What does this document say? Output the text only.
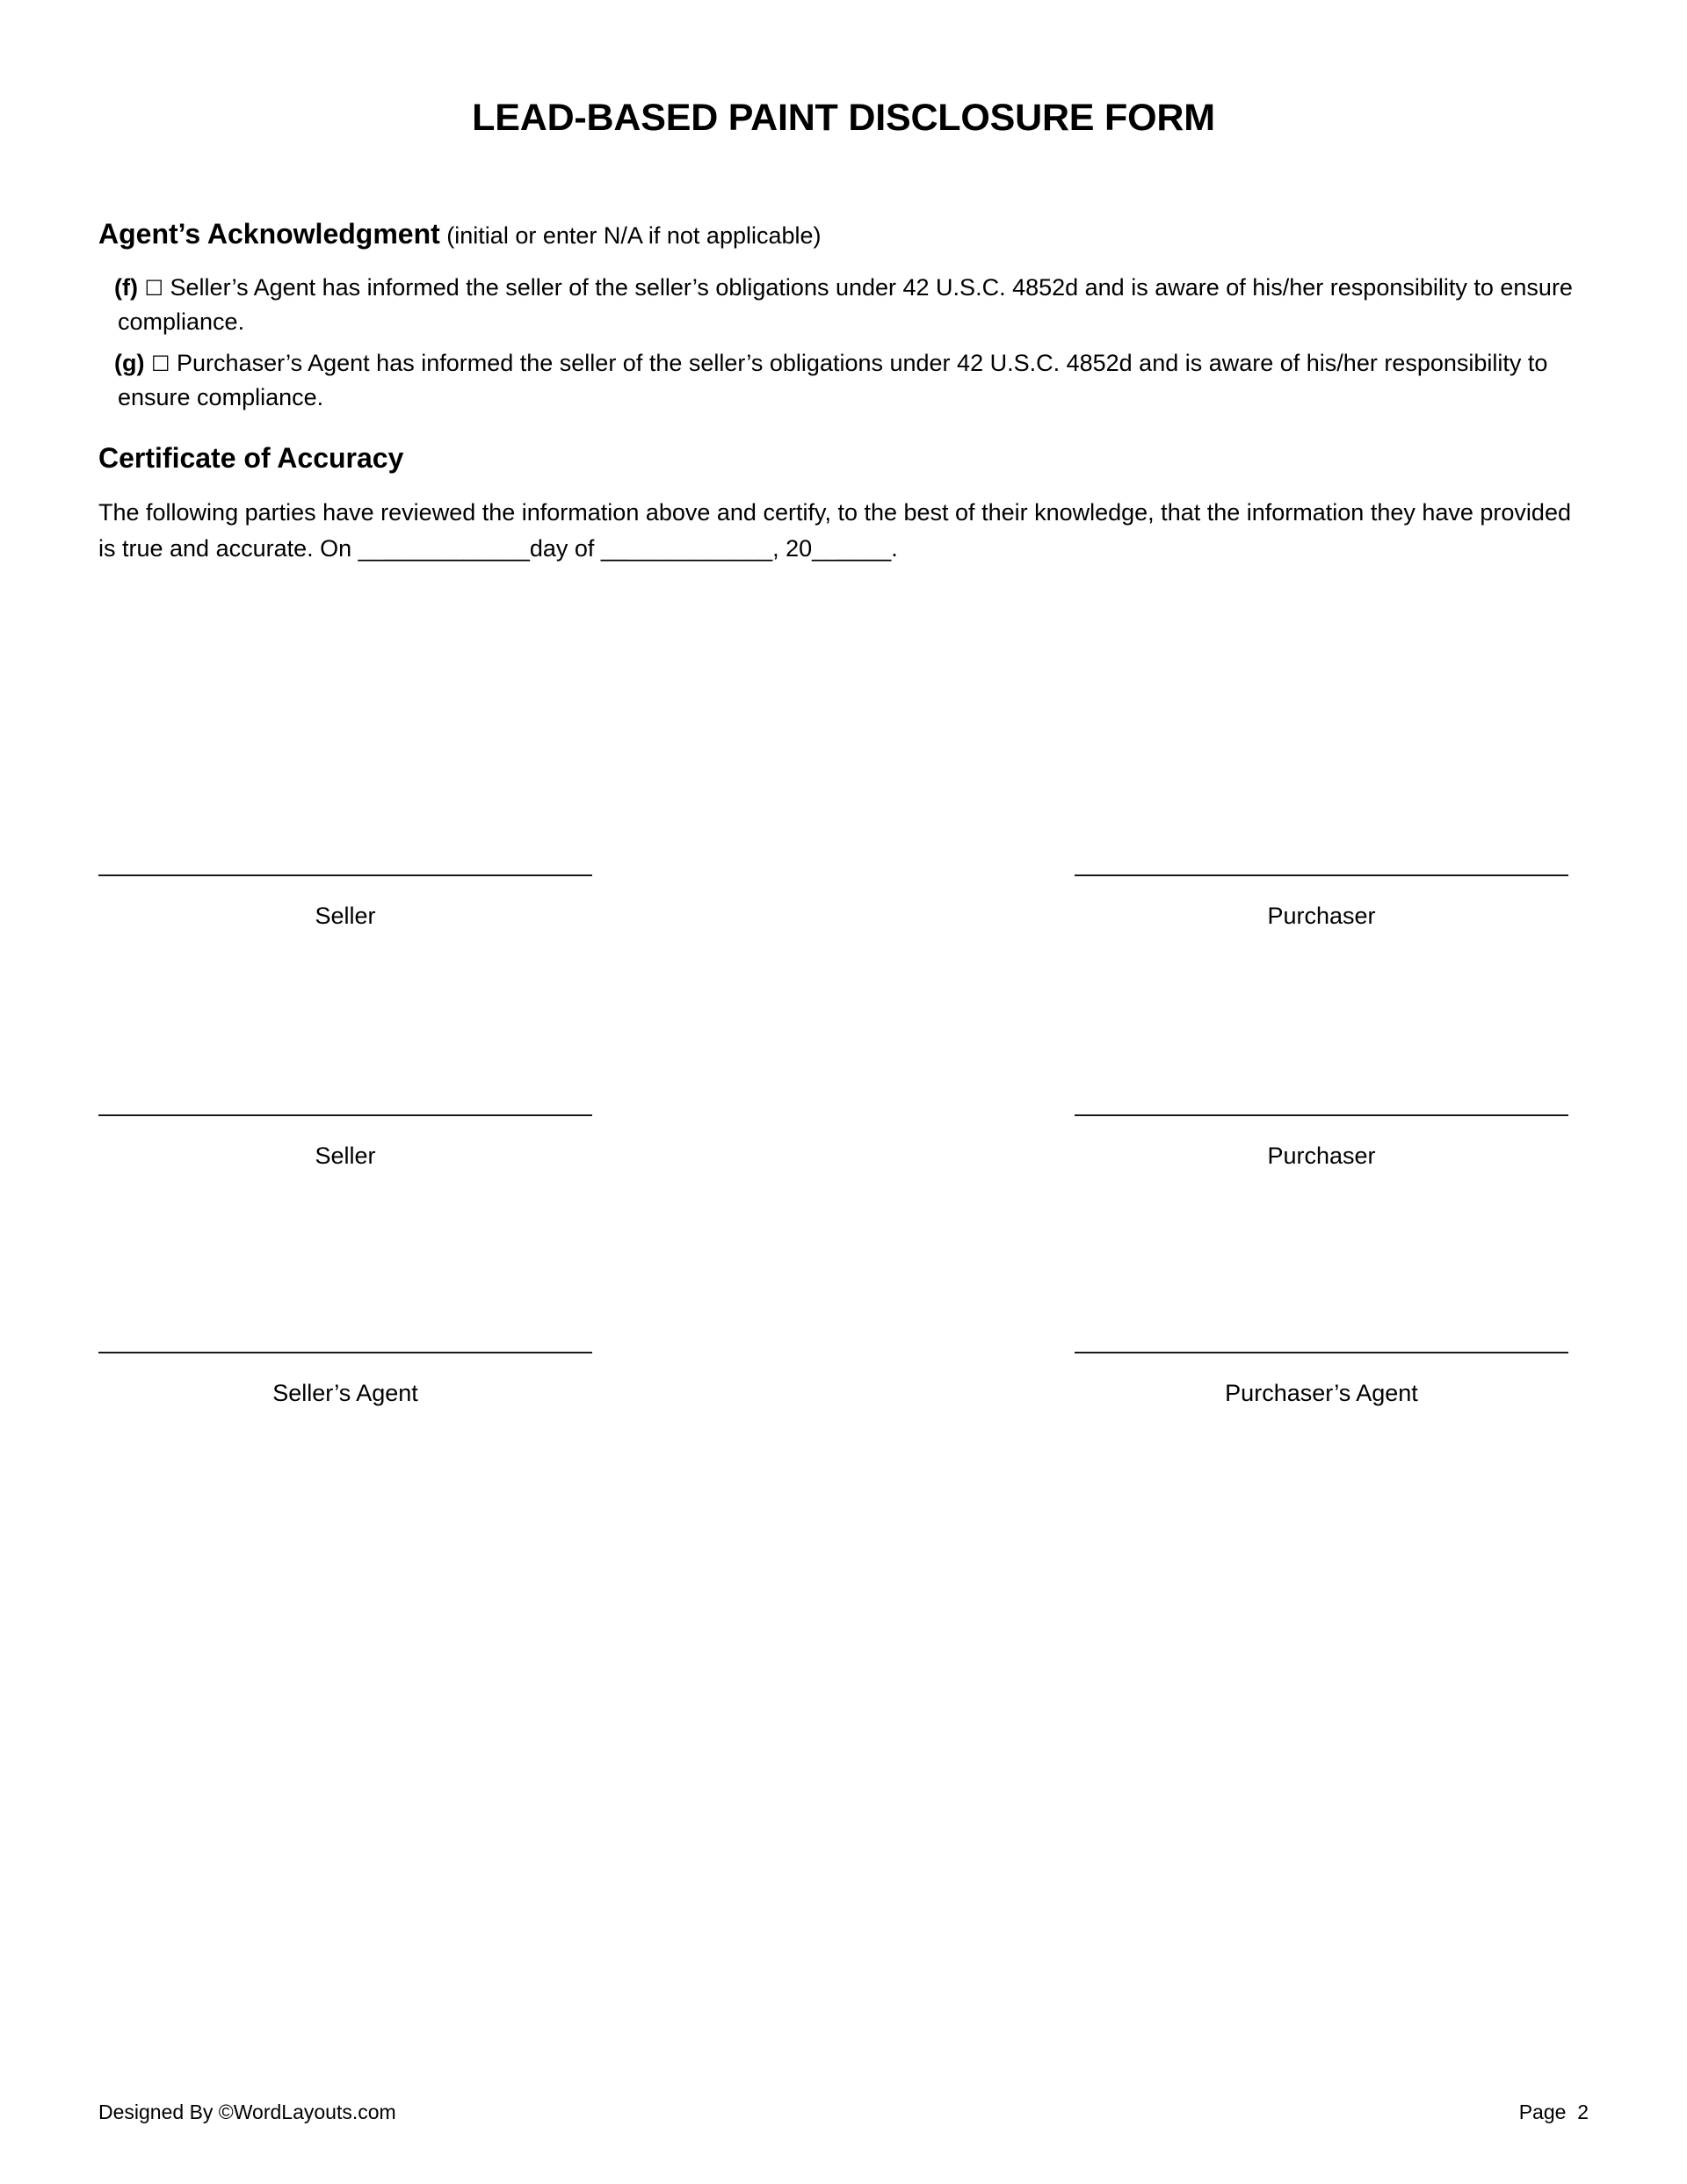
LEAD-BASED PAINT DISCLOSURE FORM
Agent’s Acknowledgment (initial or enter N/A if not applicable)
(f) ☐ Seller’s Agent has informed the seller of the seller’s obligations under 42 U.S.C. 4852d and is aware of his/her responsibility to ensure compliance.
(g) ☐ Purchaser’s Agent has informed the seller of the seller’s obligations under 42 U.S.C. 4852d and is aware of his/her responsibility to ensure compliance.
Certificate of Accuracy
The following parties have reviewed the information above and certify, to the best of their knowledge, that the information they have provided is true and accurate. On _____________day of _____________, 20______.
Seller	Purchaser
Seller	Purchaser
Seller’s Agent	Purchaser’s Agent
Designed By ©WordLayouts.com	Page  2
